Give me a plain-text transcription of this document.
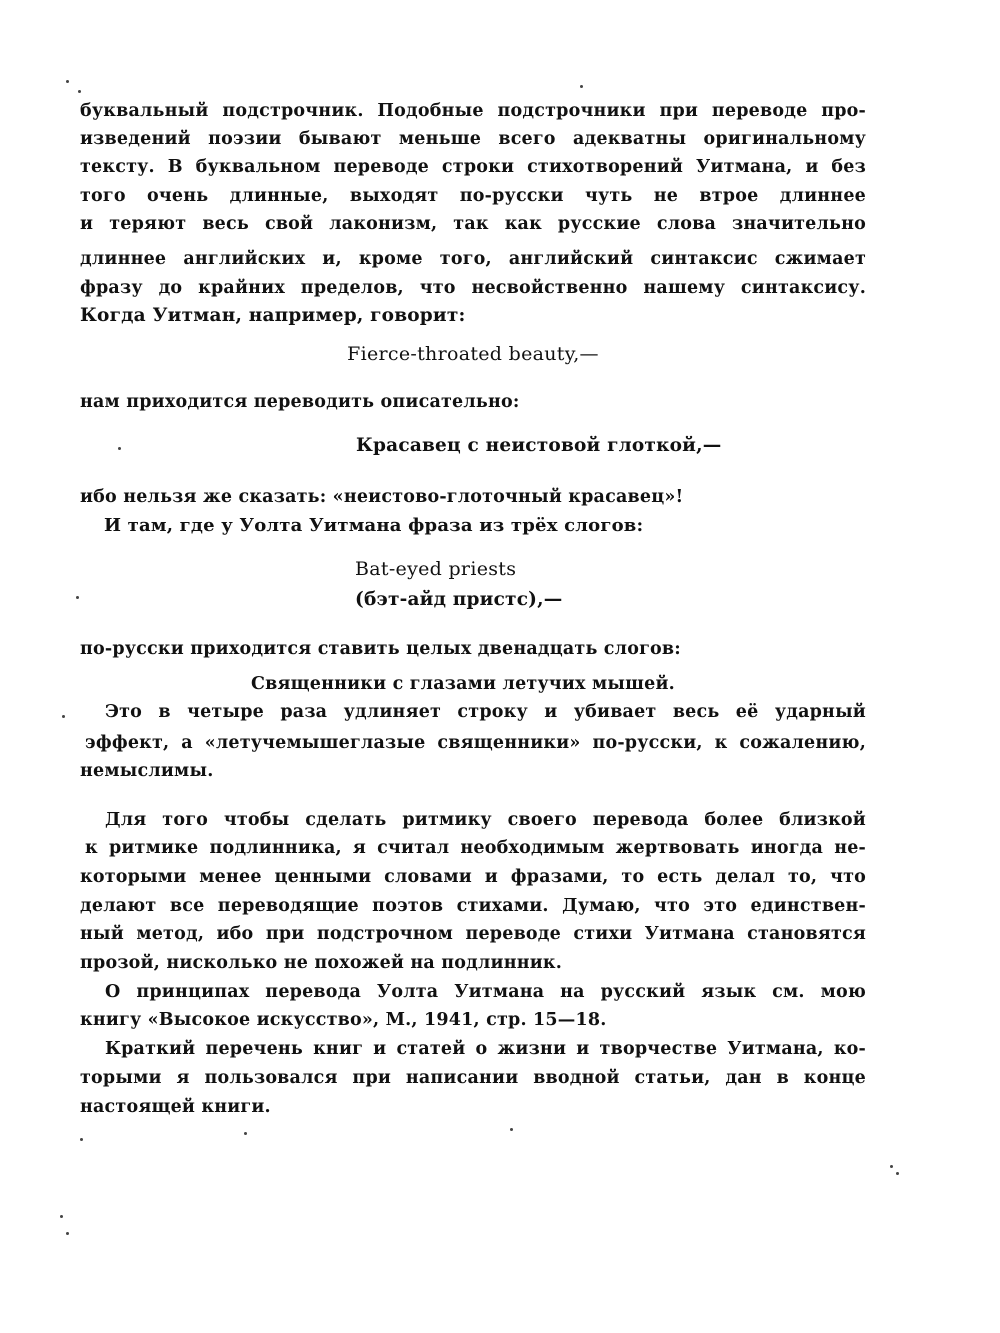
буквальный подстрочник. Подобные подстрочники при переводе про-
изведений поэзии бывают меньше всего адекватны оригинальному
тексту. В буквальном переводе строки стихотворений Уитмана, и без
того очень длинные, выходят по-русски чуть не втрое длиннее
и теряют весь свой лаконизм, так как русские слова значительно
длиннее английских и, кроме того, английский синтаксис сжимает
фразу до крайних пределов, что несвойственно нашему синтаксису.
Когда Уитман, например, говорит:
Fierce-throated beauty,—
нам приходится переводить описательно:
Красавец с неистовой глоткой,—
ибо нельзя же сказать: «неистово-глоточный красавец»!
И там, где у Уолта Уитмана фраза из трёх слогов:
Bat-eyed priests
(бэт-айд пристс),—
по-русски приходится ставить целых двенадцать слогов:
Священники с глазами летучих мышей.
Это в четыре раза удлиняет строку и убивает весь её ударный
эффект, а «летучемышеглазые священники» по-русски, к сожалению,
немыслимы.
Для того чтобы сделать ритмику своего перевода более близкой
к ритмике подлинника, я считал необходимым жертвовать иногда не-
которыми менее ценными словами и фразами, то есть делал то, что
делают все переводящие поэтов стихами. Думаю, что это единствен-
ный метод, ибо при подстрочном переводе стихи Уитмана становятся
прозой, нисколько не похожей на подлинник.
О принципах перевода Уолта Уитмана на русский язык см. мою
книгу «Высокое искусство», М., 1941, стр. 15—18.
Краткий перечень книг и статей о жизни и творчестве Уитмана, ко-
торыми я пользовался при написании вводной статьи, дан в конце
настоящей книги.
